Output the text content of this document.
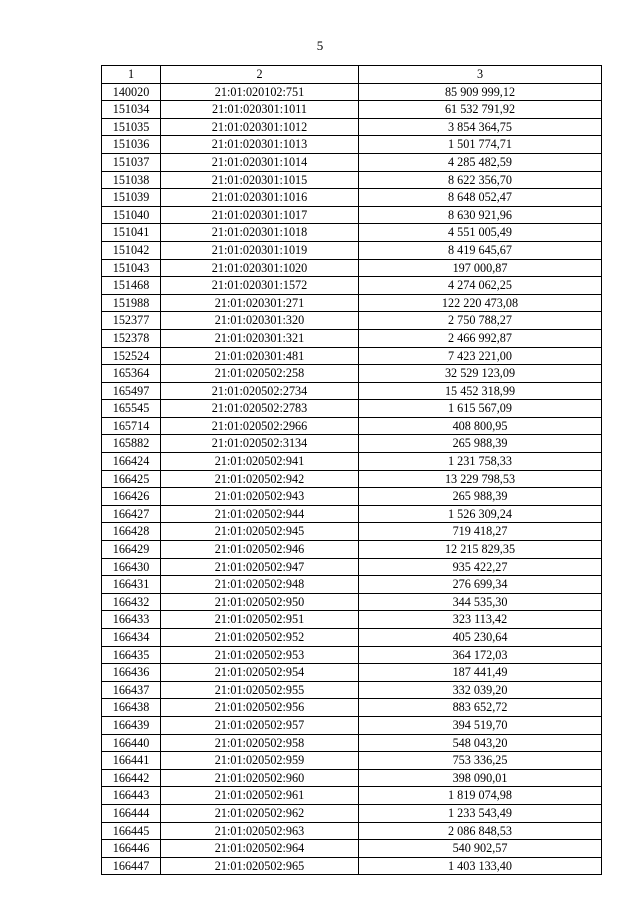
5
1	2	3
140020	21:01:020102:751	85 909 999,12
151034	21:01:020301:1011	61 532 791,92
151035	21:01:020301:1012	3 854 364,75
151036	21:01:020301:1013	1 501 774,71
151037	21:01:020301:1014	4 285 482,59
151038	21:01:020301:1015	8 622 356,70
151039	21:01:020301:1016	8 648 052,47
151040	21:01:020301:1017	8 630 921,96
151041	21:01:020301:1018	4 551 005,49
151042	21:01:020301:1019	8 419 645,67
151043	21:01:020301:1020	197 000,87
151468	21:01:020301:1572	4 274 062,25
151988	21:01:020301:271	122 220 473,08
152377	21:01:020301:320	2 750 788,27
152378	21:01:020301:321	2 466 992,87
152524	21:01:020301:481	7 423 221,00
165364	21:01:020502:258	32 529 123,09
165497	21:01:020502:2734	15 452 318,99
165545	21:01:020502:2783	1 615 567,09
165714	21:01:020502:2966	408 800,95
165882	21:01:020502:3134	265 988,39
166424	21:01:020502:941	1 231 758,33
166425	21:01:020502:942	13 229 798,53
166426	21:01:020502:943	265 988,39
166427	21:01:020502:944	1 526 309,24
166428	21:01:020502:945	719 418,27
166429	21:01:020502:946	12 215 829,35
166430	21:01:020502:947	935 422,27
166431	21:01:020502:948	276 699,34
166432	21:01:020502:950	344 535,30
166433	21:01:020502:951	323 113,42
166434	21:01:020502:952	405 230,64
166435	21:01:020502:953	364 172,03
166436	21:01:020502:954	187 441,49
166437	21:01:020502:955	332 039,20
166438	21:01:020502:956	883 652,72
166439	21:01:020502:957	394 519,70
166440	21:01:020502:958	548 043,20
166441	21:01:020502:959	753 336,25
166442	21:01:020502:960	398 090,01
166443	21:01:020502:961	1 819 074,98
166444	21:01:020502:962	1 233 543,49
166445	21:01:020502:963	2 086 848,53
166446	21:01:020502:964	540 902,57
166447	21:01:020502:965	1 403 133,40
